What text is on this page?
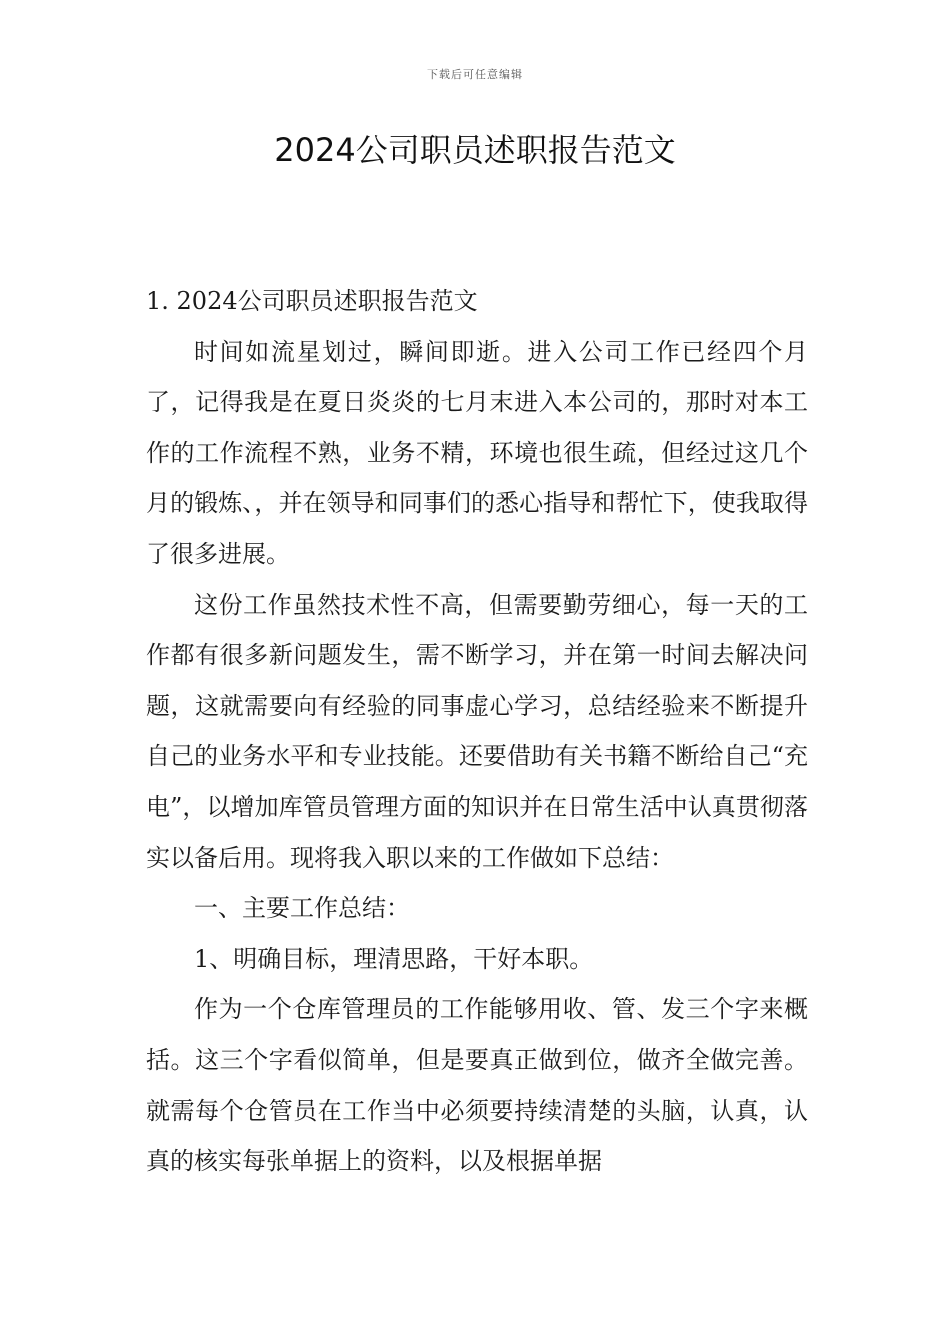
下载后可任意编辑
2024公司职员述职报告范文

1. 2024公司职员述职报告范文

时间如流星划过，瞬间即逝。进入公司工作已经四个月了，记得我是在夏日炎炎的七月末进入本公司的，那时对本工作的工作流程不熟，业务不精，环境也很生疏，但经过这几个月的锻炼、，并在领导和同事们的悉心指导和帮忙下，使我取得了很多进展。

这份工作虽然技术性不高，但需要勤劳细心，每一天的工作都有很多新问题发生，需不断学习，并在第一时间去解决问题，这就需要向有经验的同事虚心学习，总结经验来不断提升自己的业务水平和专业技能。还要借助有关书籍不断给自己“充电”，以增加库管员管理方面的知识并在日常生活中认真贯彻落实以备后用。现将我入职以来的工作做如下总结：

一、主要工作总结：

1、明确目标，理清思路，干好本职。

作为一个仓库管理员的工作能够用收、管、发三个字来概括。这三个字看似简单，但是要真正做到位，做齐全做完善。就需每个仓管员在工作当中必须要持续清楚的头脑，认真，认真的核实每张单据上的资料，以及根据单据
